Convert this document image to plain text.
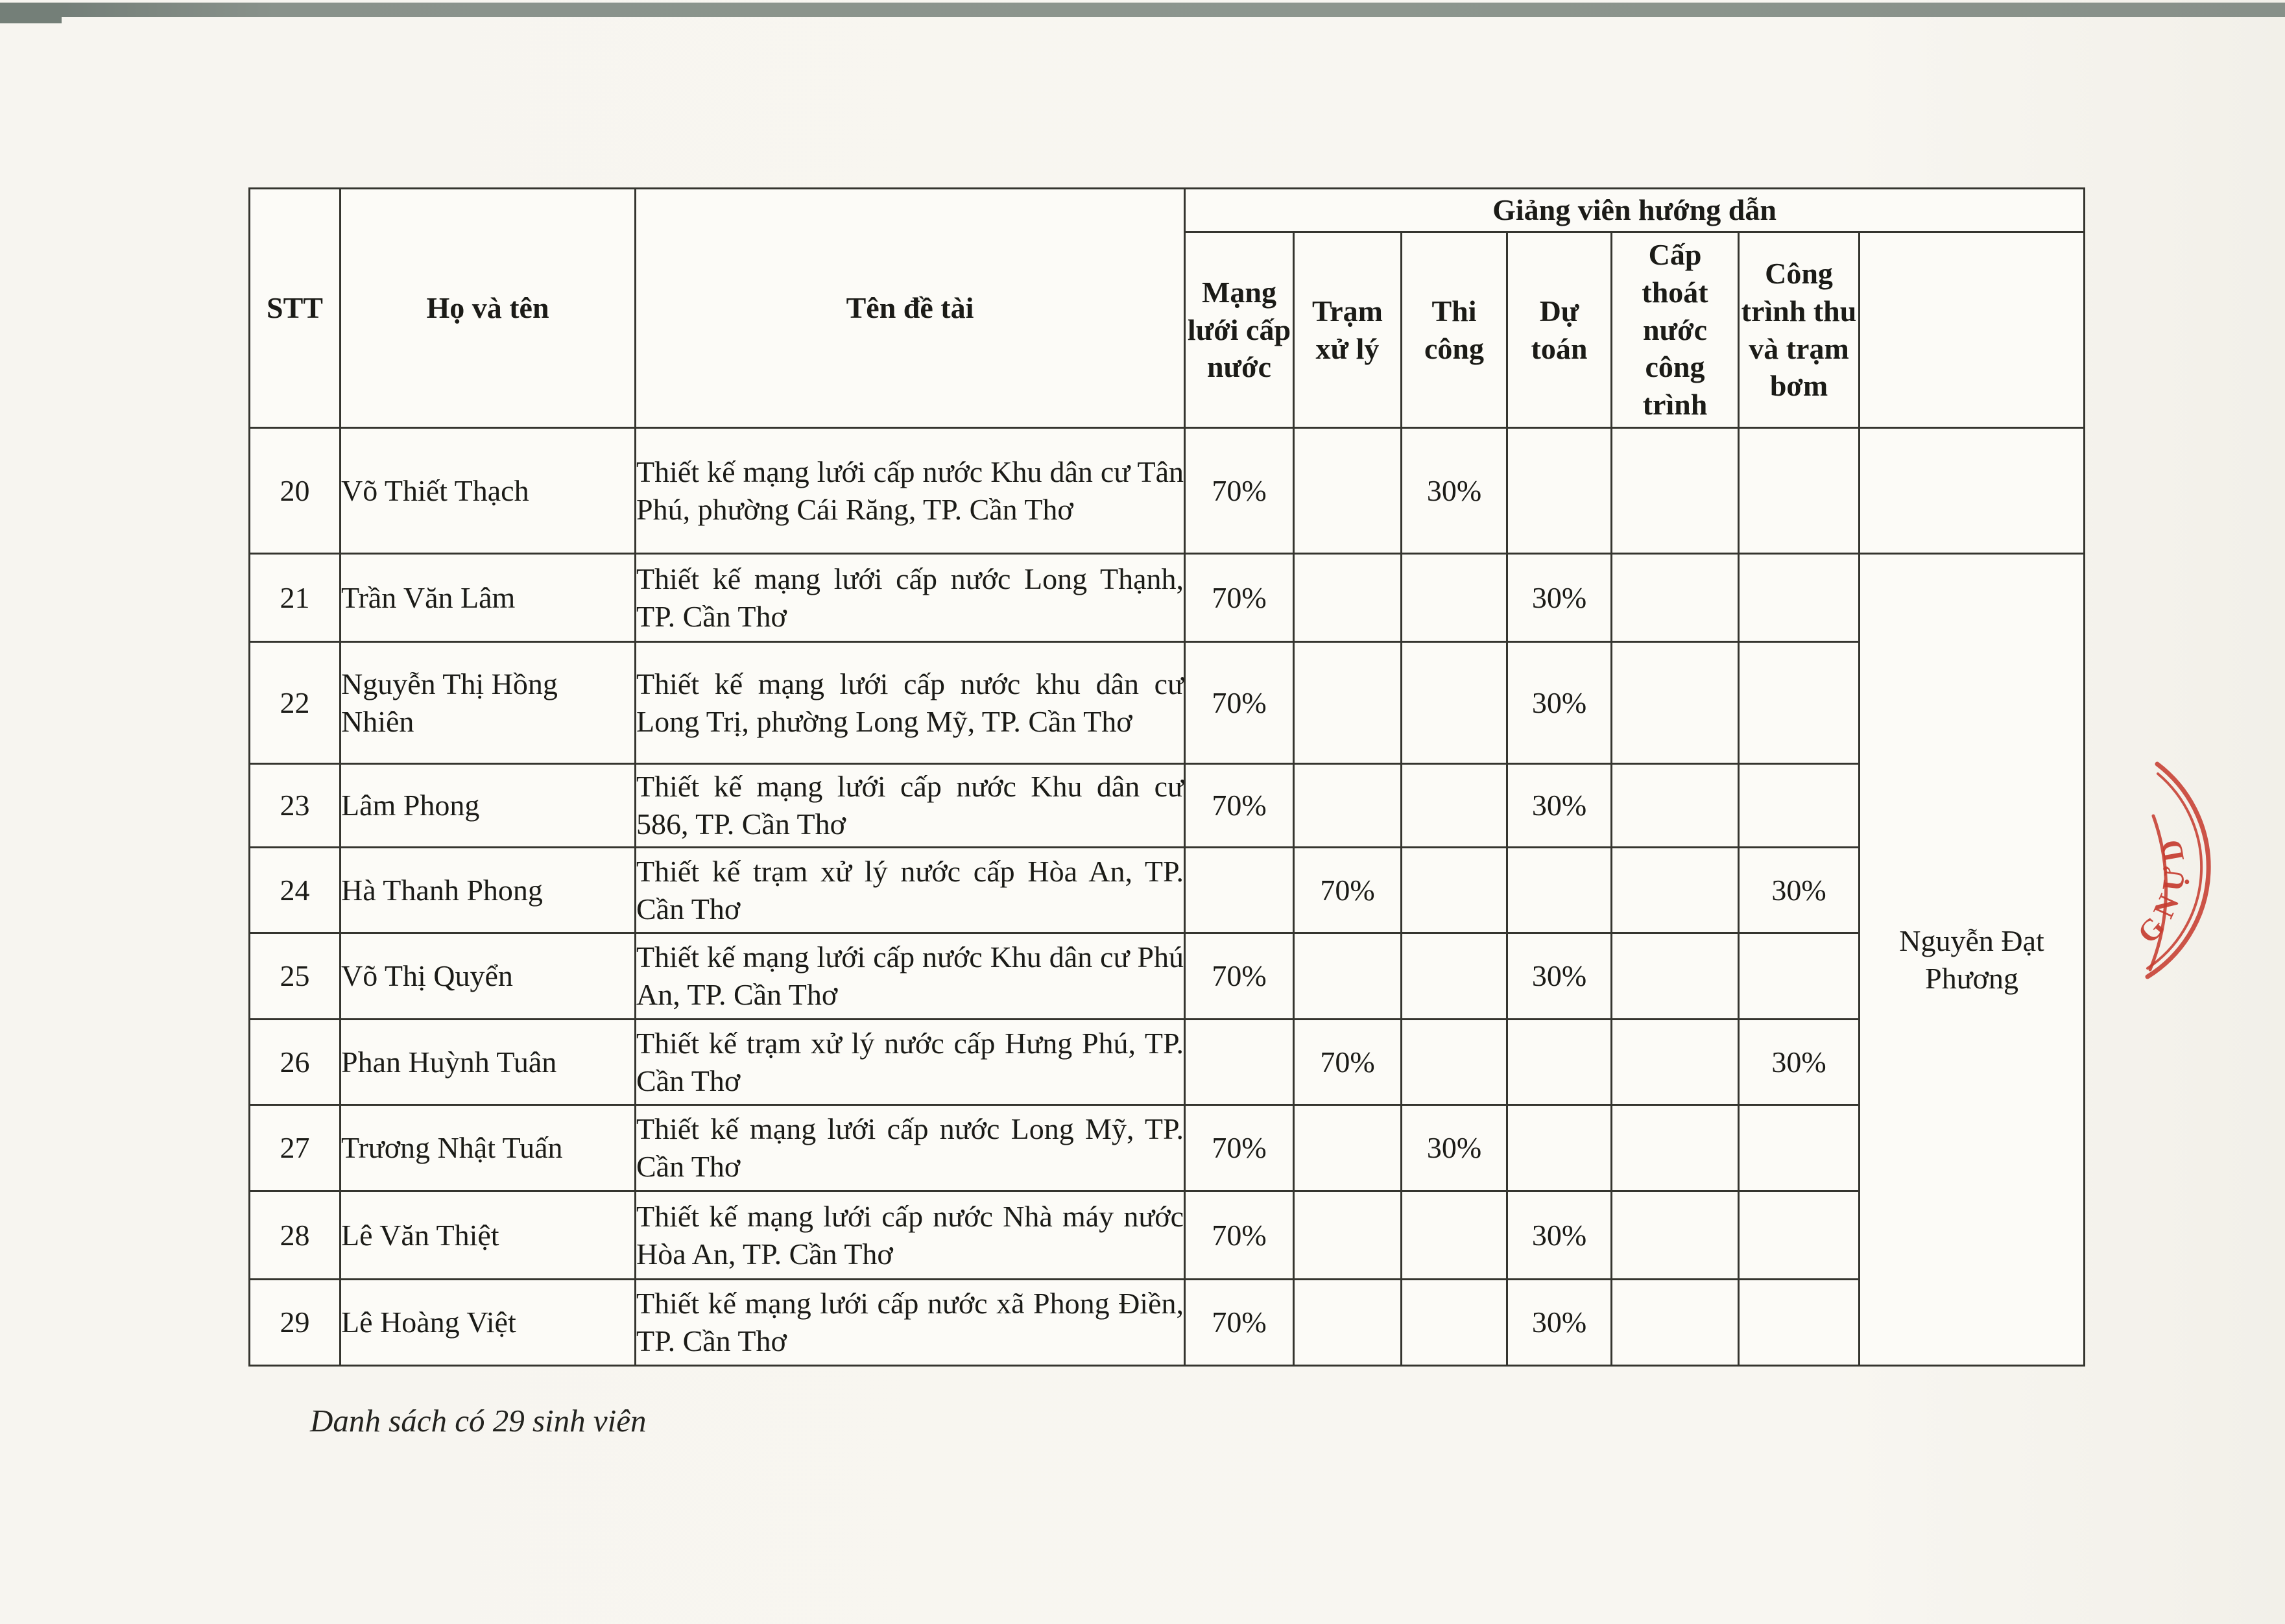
STT	Họ và tên	Tên đề tài	Giảng viên hướng dẫn						
			Mạng lưới cấp nước	Trạm xử lý	Thi công	Dự toán	Cấp thoát nước công trình	Công trình thu và trạm bơm	
20	Võ Thiết Thạch	Thiết kế mạng lưới cấp nước Khu dân cư Tân Phú, phường Cái Răng, TP. Cần Thơ	70%		30%				
21	Trần Văn Lâm	Thiết kế mạng lưới cấp nước Long Thạnh, TP. Cần Thơ	70%			30%			Nguyễn Đạt Phương
22	Nguyễn Thị Hồng Nhiên	Thiết kế mạng lưới cấp nước khu dân cư Long Trị, phường Long Mỹ, TP. Cần Thơ	70%			30%			
23	Lâm Phong	Thiết kế mạng lưới cấp nước Khu dân cư 586, TP. Cần Thơ	70%			30%			
24	Hà Thanh Phong	Thiết kế trạm xử lý nước cấp Hòa An, TP. Cần Thơ		70%				30%	
25	Võ Thị Quyển	Thiết kế mạng lưới cấp nước Khu dân cư Phú An, TP. Cần Thơ	70%			30%			
26	Phan Huỳnh Tuân	Thiết kế trạm xử lý nước cấp Hưng Phú, TP. Cần Thơ		70%				30%	
27	Trương Nhật Tuấn	Thiết kế mạng lưới cấp nước Long Mỹ, TP. Cần Thơ	70%		30%				
28	Lê Văn Thiệt	Thiết kế mạng lưới cấp nước Nhà máy nước Hòa An, TP. Cần Thơ	70%			30%			
29	Lê Hoàng Việt	Thiết kế mạng lưới cấp nước xã Phong Điền, TP. Cần Thơ	70%			30%			
Danh sách có 29 sinh viên
D
Ự
N
G
